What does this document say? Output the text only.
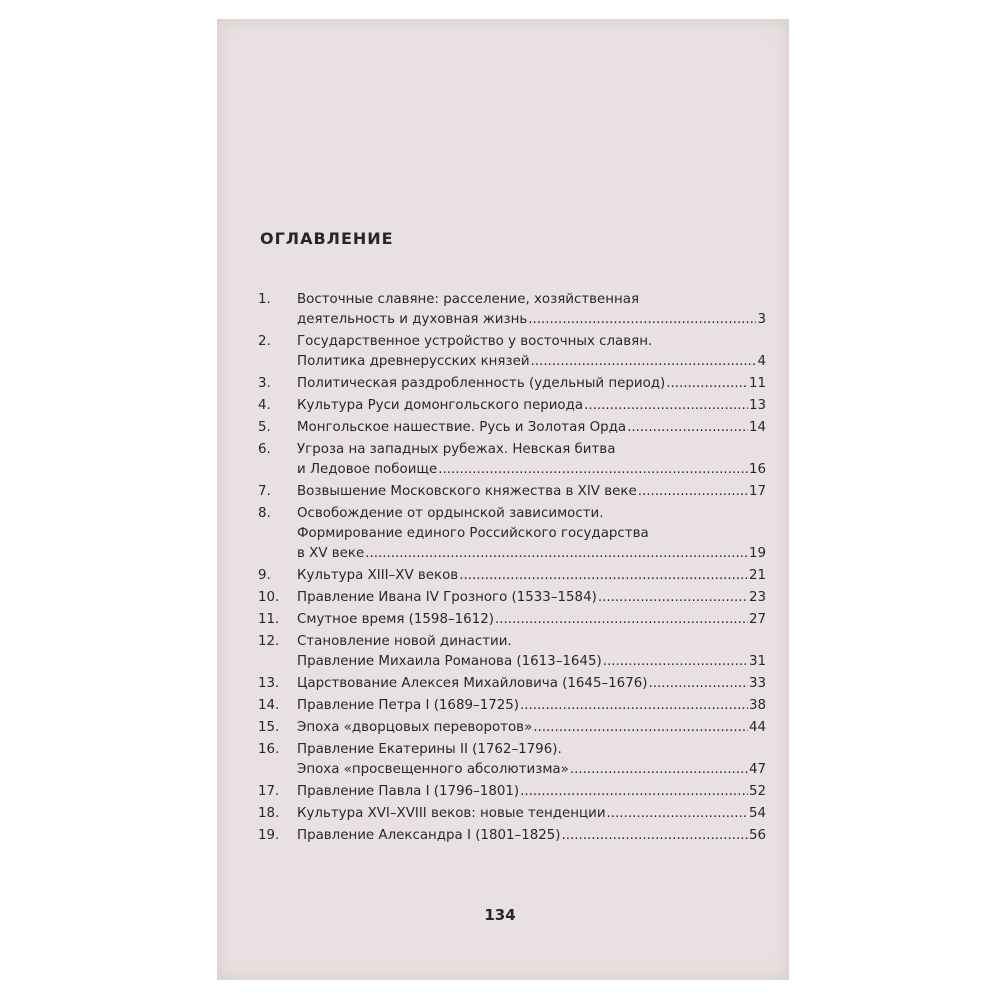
ОГЛАВЛЕНИЕ
1.	Восточные славяне: расселение, хозяйственная
деятельность и духовная жизнь .....	3
2.	Государственное устройство у восточных славян.
Политика древнерусских князей .....	4
3.	Политическая раздробленность (удельный период) .....	11
4.	Культура Руси домонгольского периода .....	13
5.	Монгольское нашествие. Русь и Золотая Орда .....	14
6.	Угроза на западных рубежах. Невская битва
и Ледовое побоище .....	16
7.	Возвышение Московского княжества в XIV веке .....	17
8.	Освобождение от ордынской зависимости.
Формирование единого Российского государства
в XV веке .....	19
9.	Культура XIII–XV веков .....	21
10.	Правление Ивана IV Грозного (1533–1584) .....	23
11.	Смутное время (1598–1612) .....	27
12.	Становление новой династии.
Правление Михаила Романова (1613–1645) .....	31
13.	Царствование Алексея Михайловича (1645–1676) .....	33
14.	Правление Петра I (1689–1725) .....	38
15.	Эпоха «дворцовых переворотов» .....	44
16.	Правление Екатерины II (1762–1796).
Эпоха «просвещенного абсолютизма» .....	47
17.	Правление Павла I (1796–1801) .....	52
18.	Культура XVI–XVIII веков: новые тенденции .....	54
19.	Правление Александра I (1801–1825) .....	56
134
